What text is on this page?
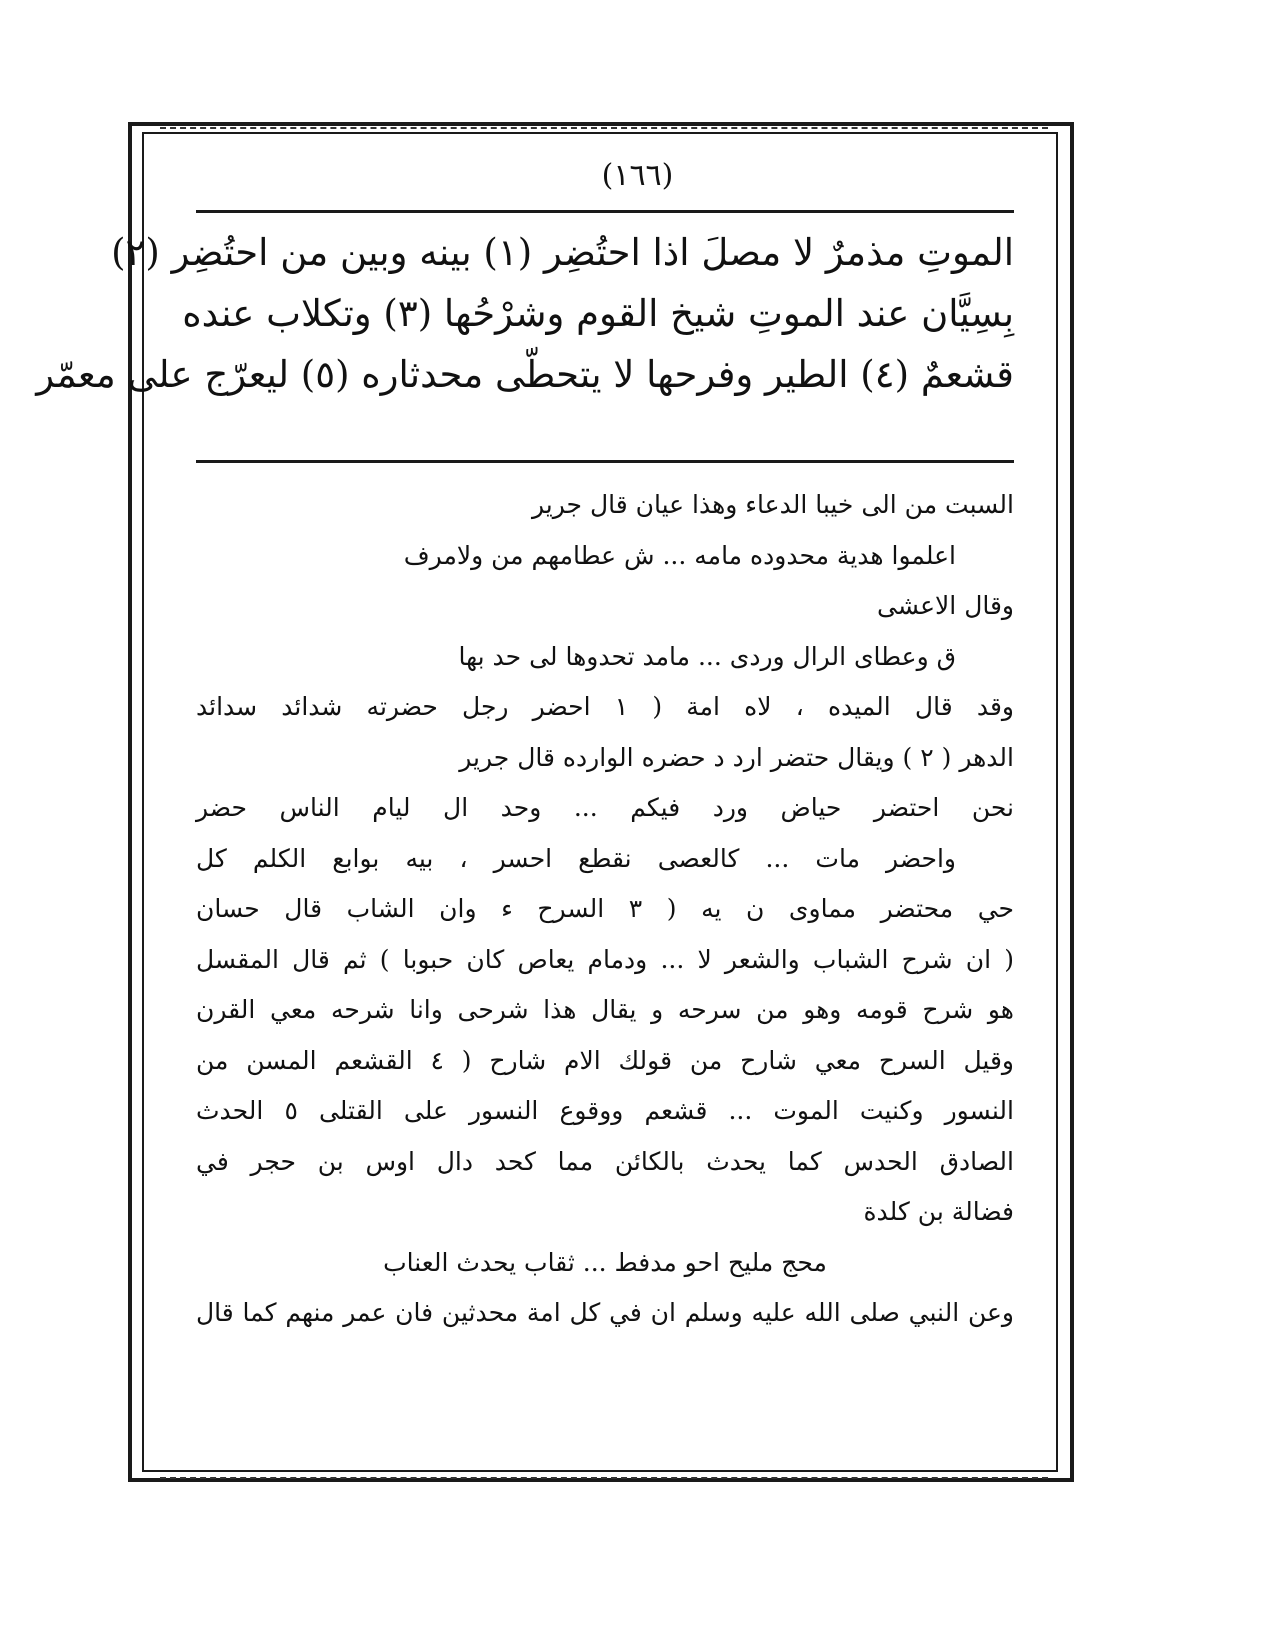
(١٦٦)
الموتِ مذمرٌ لا مصلَ اذا احتُضِر (١) بينه وبين من احتُضِر (٢)
بِسِيَّان عند الموتِ شيخ القوم وشرْحُها (٣) وتكلاب عنده
قشعمٌ (٤) الطير وفرحها لا يتحطّى محدثاره (٥) ليعرّج على معمّر
السبت من الى خيبا الدعاء وهذا عيان قال جرير
اعلموا هدية محدوده مامه ... ش عطامهم من ولامرف
وقال الاعشى
ق وعطاى الرال وردى ... مامد تحدوها لى حد بها
وقد قال الميده ، لاه امة ( ١ احضر رجل حضرته شدائد سدائد
الدهر ( ٢ ) ويقال حتضر ارد د حضره الوارده قال جرير
نحن احتضر حياض ورد فيكم ... وحد ال ليام الناس حضر
واحضر مات ... كالعصى نقطع احسر ، بيه بوابع الكلم كل
حي محتضر مماوى ن يه ( ٣ السرح ء وان الشاب قال حسان
( ان شرح الشباب والشعر لا ... ودمام يعاص كان حبوبا ) ثم قال المقسل
هو شرح قومه وهو من سرحه و يقال هذا شرحى وانا شرحه معي القرن
وقيل السرح معي شارح من قولك الام شارح ( ٤ القشعم المسن من
النسور وكنيت الموت ... قشعم ووقوع النسور على القتلى ٥ الحدث
الصادق الحدس كما يحدث بالكائن مما كحد دال اوس بن حجر في
فضالة بن كلدة
محج مليح احو مدفط ... ثقاب يحدث العناب
وعن النبي صلى الله عليه وسلم ان في كل امة محدثين فان عمر منهم كما قال
